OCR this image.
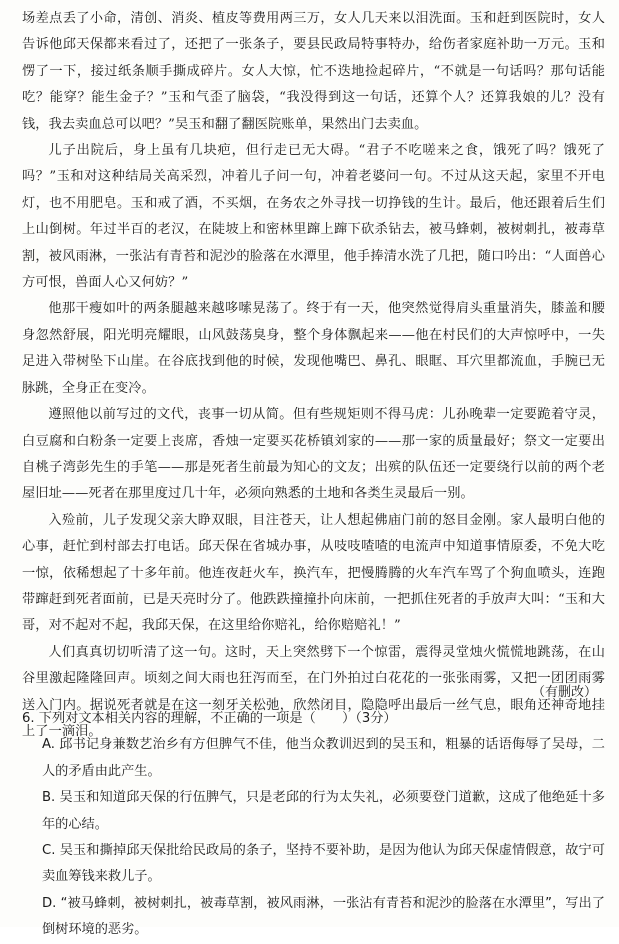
场差点丢了小命，清创、消炎、植皮等费用两三万，女人几天来以泪洗面。玉和赶到医院时，女人告诉他邱天保都来看过了，还把了一张条子，要县民政局特事特办，给伤者家庭补助一万元。玉和愣了一下，接过纸条顺手撕成碎片。女人大惊，忙不迭地捡起碎片，“不就是一句话吗？那句话能吃？能穿？能生金子？”玉和气歪了脑袋，“我没得到这一句话，还算个人？还算我娘的儿？没有钱，我去卖血总可以吧？”吴玉和翻了翻医院账单，果然出门去卖血。

儿子出院后，身上虽有几块疤，但行走已无大碍。“君子不吃嗟来之食，饿死了吗？饿死了吗？”玉和对这种结局关高采烈，冲着儿子问一句，冲着老婆问一句。不过从这天起，家里不开电灯，也不用肥皂。玉和戒了酒，不买烟，在务农之外寻找一切挣钱的生计。最后，他还跟着后生们上山倒树。年过半百的老汉，在陡坡上和密林里蹿上蹿下砍杀钻去，被马蜂刺，被树刺扎，被毒草割，被风雨淋，一张沾有青苔和泥沙的脸落在水潭里，他手捧清水洗了几把，随口吟出：“人面兽心方可恨，兽面人心又何妨？”

他那干瘦如叶的两条腿越来越哆嗦晃荡了。终于有一天，他突然觉得肩头重量消失，膝盖和腰身忽然舒展，阳光明亮耀眼，山风鼓荡臭身，整个身体飘起来——他在村民们的大声惊呼中，一失足进入带树坠下山崖。在谷底找到他的时候，发现他嘴巴、鼻孔、眼眶、耳穴里都流血，手腕已无脉跳，全身正在变冷。

遵照他以前写过的文代，丧事一切从简。但有些规矩则不得马虎：儿孙晚辈一定要跪着守灵，白豆腐和白粉条一定要上丧席，香烛一定要买花桥镇刘家的——那一家的质量最好；祭文一定要出自桃子湾彭先生的手笔——那是死者生前最为知心的文友；出殡的队伍还一定要绕行以前的两个老屋旧址——死者在那里度过几十年，必须向熟悉的土地和各类生灵最后一别。

入殓前，儿子发现父亲大睁双眼，目注苍天，让人想起佛庙门前的怒目金刚。家人最明白他的心事，赶忙到村部去打电话。邱天保在省城办事，从吱吱喳喳的电流声中知道事情原委，不免大吃一惊，依稀想起了十多年前。他连夜赶火车，换汽车，把慢腾腾的火车汽车骂了个狗血喷头，连跑带蹿赶到死者面前，已是天亮时分了。他跌跌撞撞扑向床前，一把抓住死者的手放声大叫：“玉和大哥，对不起对不起，我邱天保，在这里给你赔礼，给你赔赔礼！”

人们真真切切听清了这一句。这时，天上突然劈下一个惊雷，震得灵堂烛火慌慌地跳荡，在山谷里激起隆隆回声。顷刻之间大雨也狂泻而至，在门外拍过白花花的一张张雨雾，又把一团团雨雾送入门内。据说死者就是在这一刻牙关松弛，欣然闭目，隐隐呼出最后一丝气息，眼角还神奇地挂上了一滴泪。

（有删改）

6. 下列对文本相关内容的理解，不正确的一项是（　　）（3分）

A. 邱书记身兼数艺治乡有方但脾气不佳，他当众教训迟到的吴玉和，粗暴的话语侮辱了吴母，二人的矛盾由此产生。

B. 吴玉和知道邱天保的行伍脾气，只是老邱的行为太失礼，必须要登门道歉，这成了他绝延十多年的心结。

C. 吴玉和撕掉邱天保批给民政局的条子，坚持不要补助，是因为他认为邱天保虚情假意，故宁可卖血筹钱来救儿子。

D. “被马蜂刺，被树刺扎，被毒草割，被风雨淋，一张沾有青苔和泥沙的脸落在水潭里”，写出了倒树环境的恶劣。
